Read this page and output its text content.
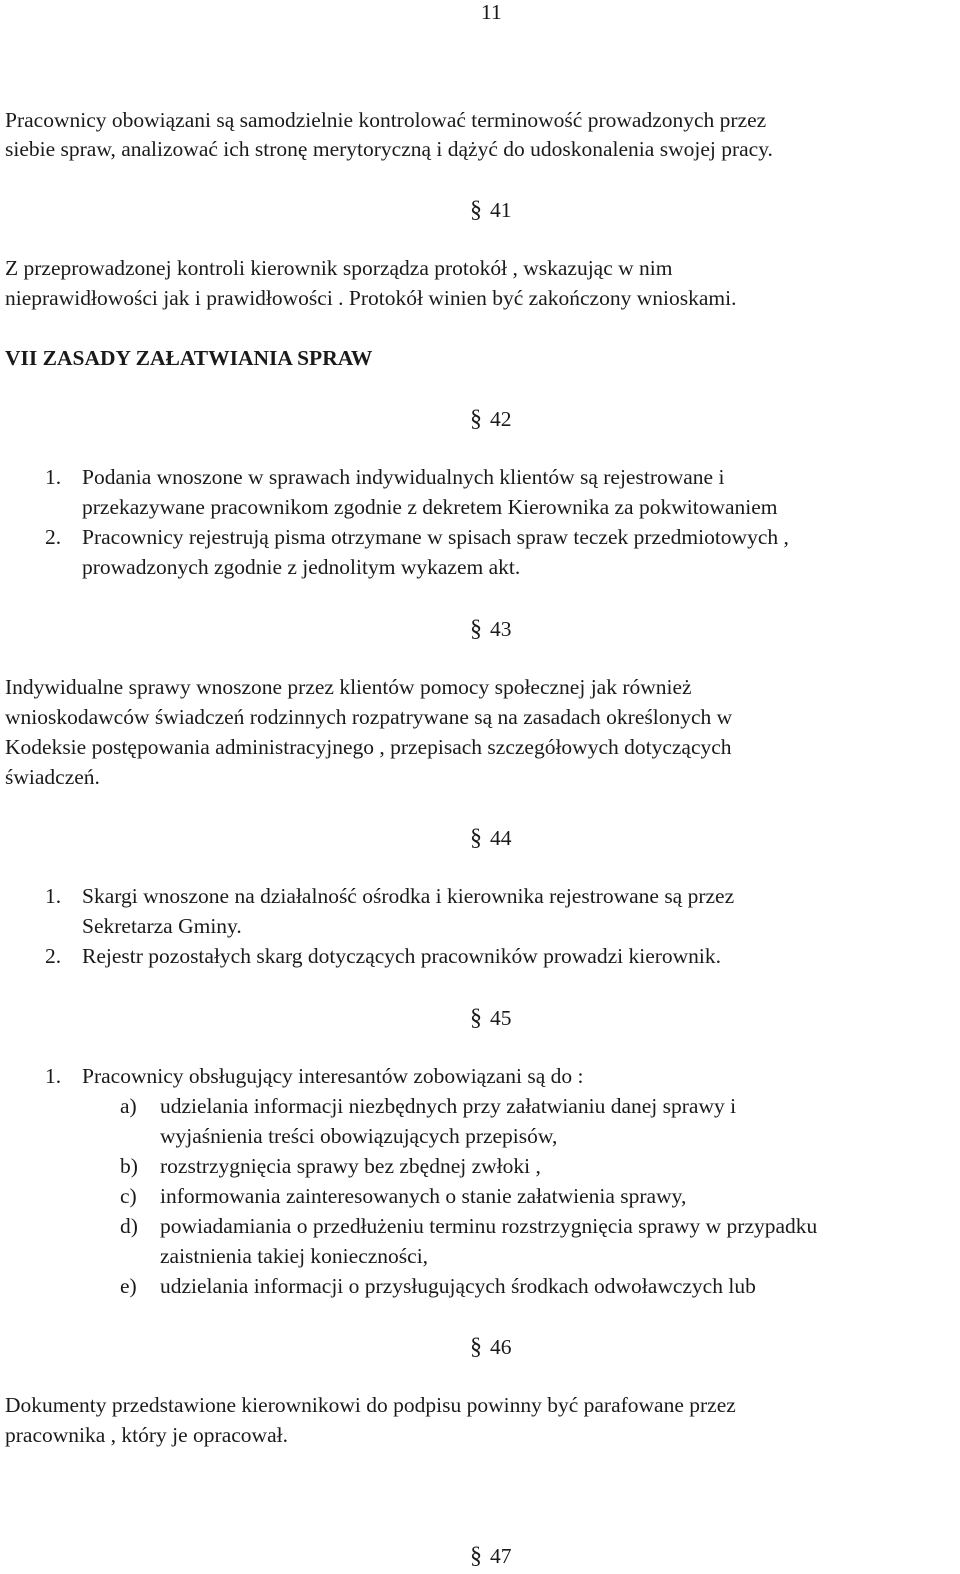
11
Pracownicy obowiązani są samodzielnie kontrolować terminowość prowadzonych przez
siebie spraw, analizować ich stronę merytoryczną i dążyć do udoskonalenia swojej pracy.
§ 41
Z przeprowadzonej kontroli kierownik sporządza protokół , wskazując w nim
nieprawidłowości jak i prawidłowości . Protokół winien być zakończony wnioskami.
VII ZASADY ZAŁATWIANIA SPRAW
§ 42
1. Podania wnoszone w sprawach indywidualnych klientów są rejestrowane i
przekazywane pracownikom zgodnie z dekretem Kierownika za pokwitowaniem
2. Pracownicy rejestrują pisma otrzymane w spisach spraw teczek przedmiotowych ,
prowadzonych zgodnie z jednolitym wykazem akt.
§ 43
Indywidualne sprawy wnoszone przez klientów pomocy społecznej jak również
wnioskodawców świadczeń rodzinnych rozpatrywane są na zasadach określonych w
Kodeksie postępowania administracyjnego , przepisach szczegółowych dotyczących
świadczeń.
§ 44
1. Skargi wnoszone na działalność ośrodka i kierownika rejestrowane są przez
Sekretarza Gminy.
2. Rejestr pozostałych skarg dotyczących pracowników prowadzi kierownik.
§ 45
1. Pracownicy obsługujący interesantów zobowiązani są do :
a) udzielania informacji niezbędnych przy załatwianiu danej sprawy i
wyjaśnienia treści obowiązujących przepisów,
b) rozstrzygnięcia sprawy bez zbędnej zwłoki ,
c) informowania zainteresowanych o stanie załatwienia sprawy,
d) powiadamiania o przedłużeniu terminu rozstrzygnięcia sprawy w przypadku
zaistnienia takiej konieczności,
e) udzielania informacji o przysługujących środkach odwoławczych lub
§ 46
Dokumenty przedstawione kierownikowi do podpisu powinny być parafowane przez
pracownika , który je opracował.
§ 47
